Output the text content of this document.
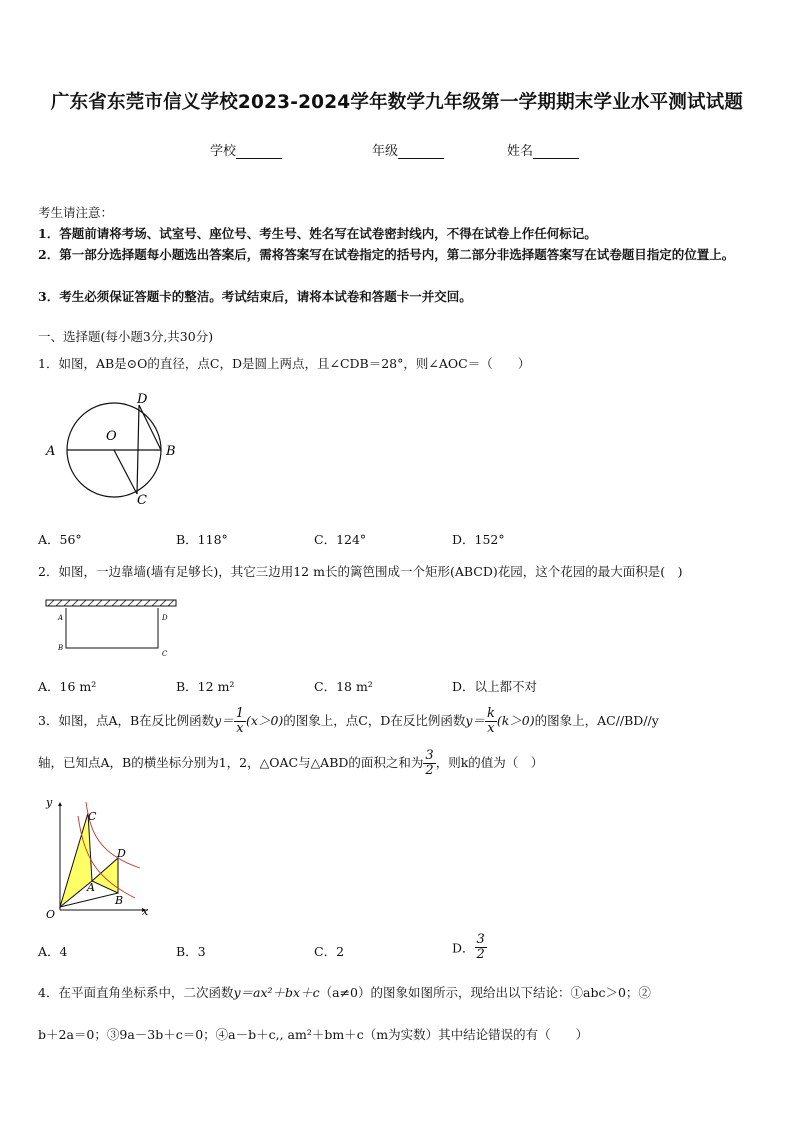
广东省东莞市信义学校2023-2024学年数学九年级第一学期期末学业水平测试试题
学校	年级	姓名
考生请注意：
1．答题前请将考场、试室号、座位号、考生号、姓名写在试卷密封线内，不得在试卷上作任何标记。
2．第一部分选择题每小题选出答案后，需将答案写在试卷指定的括号内，第二部分非选择题答案写在试卷题目指定的位置上。
3．考生必须保证答题卡的整洁。考试结束后，请将本试卷和答题卡一并交回。
一、选择题(每小题3分,共30分)
1．如图，AB是⊙O的直径，点C，D是圆上两点，且∠CDB＝28°，则∠AOC＝（　　）
A	B
C
D
O
A．56°	B．118°	C．124°	D．152°
2．如图，一边靠墙(墙有足够长)，其它三边用12 m长的篱笆围成一个矩形(ABCD)花园，这个花园的最大面积是(　)
A
B
C
D
A．16 m²	B．12 m²	C．18 m²	D．以上都不对
3．如图，点A，B在反比例函数$y= \frac{1}{x} (x>0)$的图象上，点C，D在反比例函数$y= \frac{k}{x} (k>0)$的图象上，AC//BD//y
轴，已知点A，B的横坐标分别为1，2，△OAC与△ABD的面积之和为 $\frac{3}{2}$ ，则k的值为（　）
y
x
O
A
B
C
D
A．4	B．3	C．2	D． $\frac{3}{2}$
4．在平面直角坐标系中，二次函数y＝ax²＋bx＋c（a≠0）的图象如图所示，现给出以下结论：①abc＞0；②
b＋2a＝0；③9a－3b＋c＝0；④a－b＋c,, am²＋bm＋c（m为实数）其中结论错误的有（　　）
